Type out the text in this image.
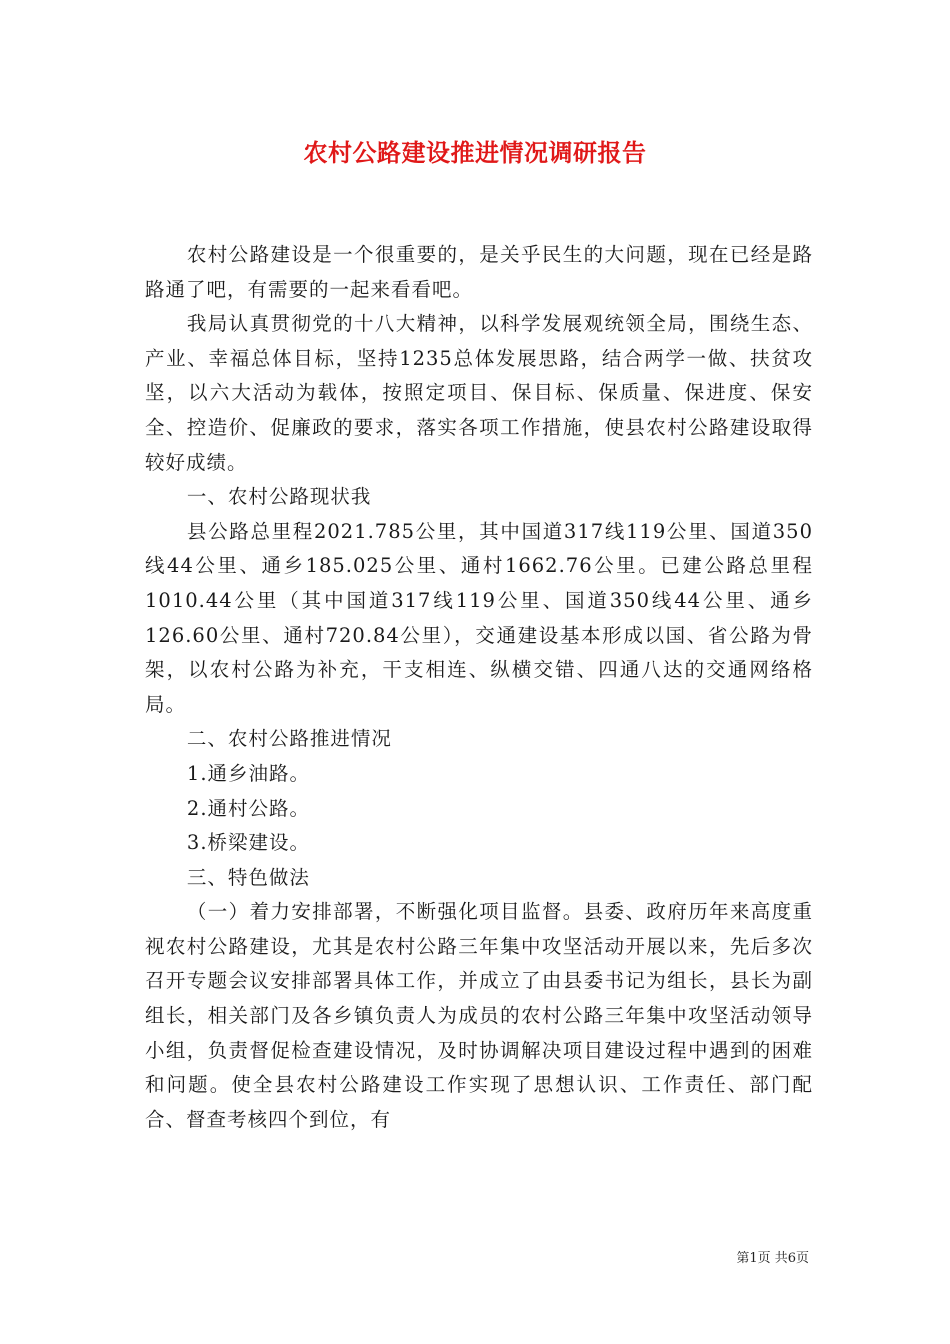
农村公路建设推进情况调研报告

农村公路建设是一个很重要的，是关乎民生的大问题，现在已经是路路通了吧，有需要的一起来看看吧。

我局认真贯彻党的十八大精神，以科学发展观统领全局，围绕生态、产业、幸福总体目标，坚持1235总体发展思路，结合两学一做、扶贫攻坚，以六大活动为载体，按照定项目、保目标、保质量、保进度、保安全、控造价、促廉政的要求，落实各项工作措施，使县农村公路建设取得较好成绩。

一、农村公路现状我

县公路总里程2021.785公里，其中国道317线119公里、国道350线44公里、通乡185.025公里、通村1662.76公里。已建公路总里程1010.44公里（其中国道317线119公里、国道350线44公里、通乡126.60公里、通村720.84公里），交通建设基本形成以国、省公路为骨架，以农村公路为补充，干支相连、纵横交错、四通八达的交通网络格局。

二、农村公路推进情况

1.通乡油路。

2.通村公路。

3.桥梁建设。

三、特色做法

（一）着力安排部署，不断强化项目监督。县委、政府历年来高度重视农村公路建设，尤其是农村公路三年集中攻坚活动开展以来，先后多次召开专题会议安排部署具体工作，并成立了由县委书记为组长，县长为副组长，相关部门及各乡镇负责人为成员的农村公路三年集中攻坚活动领导小组，负责督促检查建设情况，及时协调解决项目建设过程中遇到的困难和问题。使全县农村公路建设工作实现了思想认识、工作责任、部门配合、督查考核四个到位，有

第1页 共6页
